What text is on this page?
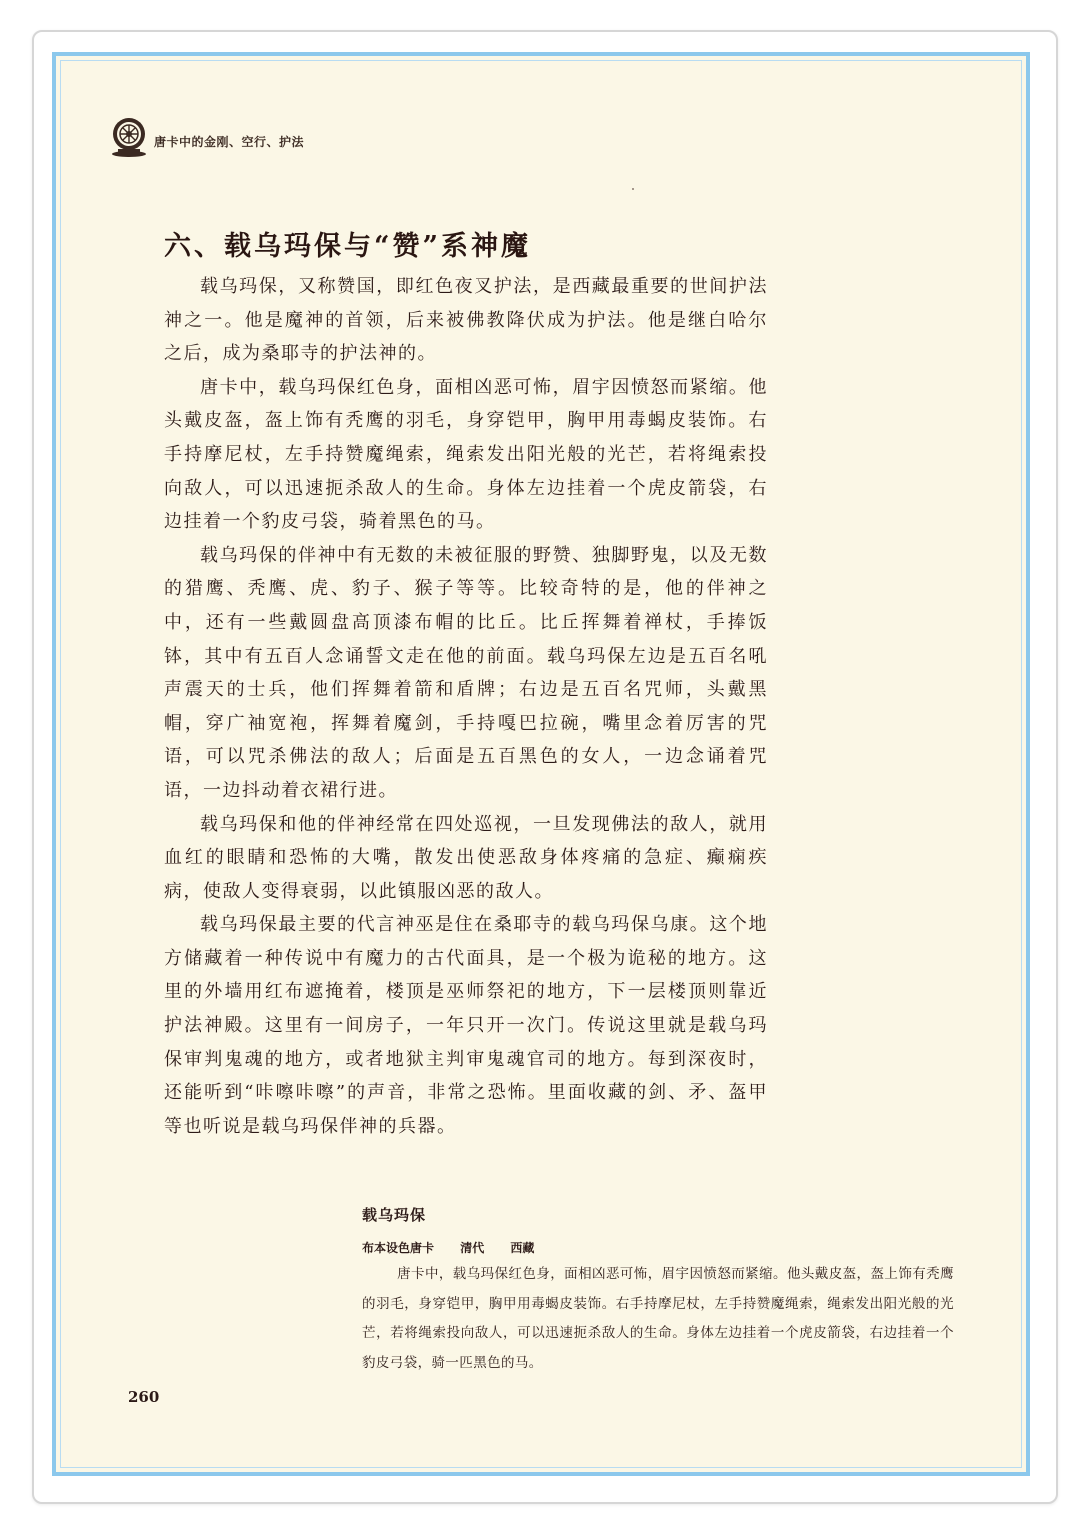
唐卡中的金刚、空行、护法
六、载乌玛保与“赞”系神魔

载乌玛保，又称赞国，即红色夜叉护法，是西藏最重要的世间护法神之一。他是魔神的首领，后来被佛教降伏成为护法。他是继白哈尔之后，成为桑耶寺的护法神的。

唐卡中，载乌玛保红色身，面相凶恶可怖，眉宇因愤怒而紧缩。他头戴皮盔，盔上饰有秃鹰的羽毛，身穿铠甲，胸甲用毒蝎皮装饰。右手持摩尼杖，左手持赞魔绳索，绳索发出阳光般的光芒，若将绳索投向敌人，可以迅速扼杀敌人的生命。身体左边挂着一个虎皮箭袋，右边挂着一个豹皮弓袋，骑着黑色的马。

载乌玛保的伴神中有无数的未被征服的野赞、独脚野鬼，以及无数的猎鹰、秃鹰、虎、豹子、猴子等等。比较奇特的是，他的伴神之中，还有一些戴圆盘高顶漆布帽的比丘。比丘挥舞着禅杖，手捧饭钵，其中有五百人念诵誓文走在他的前面。载乌玛保左边是五百名吼声震天的士兵，他们挥舞着箭和盾牌；右边是五百名咒师，头戴黑帽，穿广袖宽袍，挥舞着魔剑，手持嘎巴拉碗，嘴里念着厉害的咒语，可以咒杀佛法的敌人；后面是五百黑色的女人，一边念诵着咒语，一边抖动着衣裙行进。

载乌玛保和他的伴神经常在四处巡视，一旦发现佛法的敌人，就用血红的眼睛和恐怖的大嘴，散发出使恶敌身体疼痛的急症、癫痫疾病，使敌人变得衰弱，以此镇服凶恶的敌人。

载乌玛保最主要的代言神巫是住在桑耶寺的载乌玛保乌康。这个地方储藏着一种传说中有魔力的古代面具，是一个极为诡秘的地方。这里的外墙用红布遮掩着，楼顶是巫师祭祀的地方，下一层楼顶则靠近护法神殿。这里有一间房子，一年只开一次门。传说这里就是载乌玛保审判鬼魂的地方，或者地狱主判审鬼魂官司的地方。每到深夜时，还能听到“咔嚓咔嚓”的声音，非常之恐怖。里面收藏的剑、矛、盔甲等也听说是载乌玛保伴神的兵器。

载乌玛保
布本设色唐卡 清代 西藏

唐卡中，载乌玛保红色身，面相凶恶可怖，眉宇因愤怒而紧缩。他头戴皮盔，盔上饰有秃鹰的羽毛，身穿铠甲，胸甲用毒蝎皮装饰。右手持摩尼杖，左手持赞魔绳索，绳索发出阳光般的光芒，若将绳索投向敌人，可以迅速扼杀敌人的生命。身体左边挂着一个虎皮箭袋，右边挂着一个豹皮弓袋，骑一匹黑色的马。

260
